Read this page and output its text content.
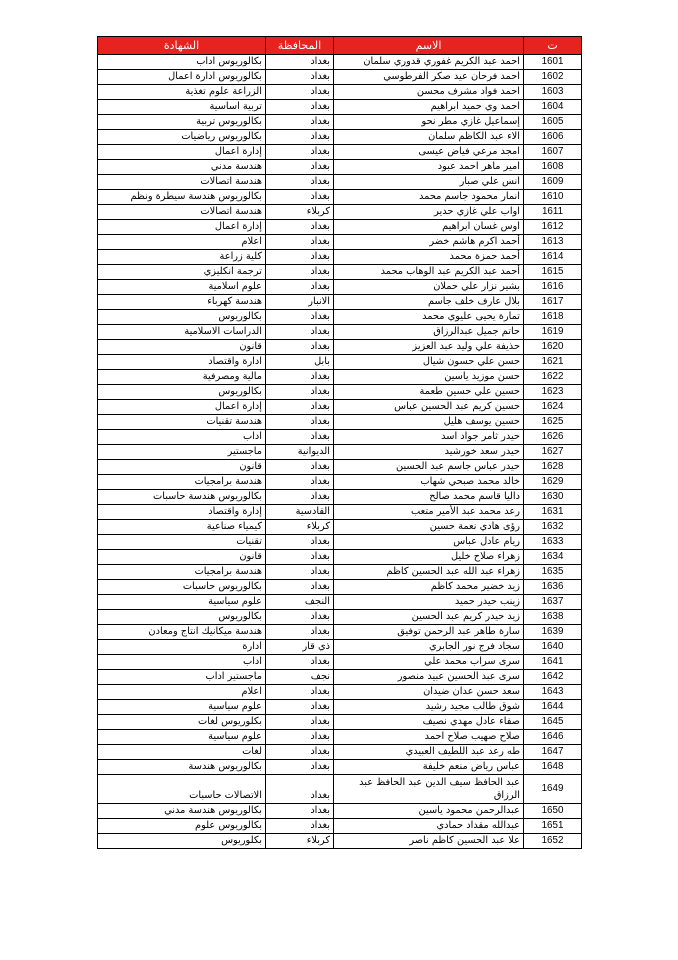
الشهادة	المحافظة	الاسم	ت
بكالوريوس اداب	بغداد	احمد عبد الكريم غفوري قدوري سلمان	1601
بكالوريوس ادارة اعمال	بغداد	احمد فرحان عيد صكر الفرطوسي	1602
الزراعة علوم تغذية	بغداد	احمد فواد مشرف محسن	1603
تربية اساسية	بغداد	احمد وي حميد ابراهيم	1604
بكالوريوس تربية	بغداد	إسماعيل غازي مطر نحو	1605
بكالوريوس رياضيات	بغداد	الاء عبد الكاظم سلمان	1606
إدارة اعمال	بغداد	امجد مرعي فياض عيسى	1607
هندسة مدني	بغداد	امير ماهر احمد عبود	1608
هندسة اتصالات	بغداد	انس علي صبار	1609
بكالوريوس هندسة سيطرة ونظم	بغداد	انمار محمود جاسم محمد	1610
هندسة اتصالات	كربلاء	اواب علي غازي حدير	1611
إدارة اعمال	بغداد	اوس غسان ابراهيم	1612
اعلام	بغداد	أحمد اكرم هاشم خضر	1613
كلية زراعة	بغداد	أحمد حمزة محمد	1614
ترجمة انكليزي	بغداد	أحمد عبد الكريم عبد الوهاب محمد	1615
علوم اسلامية	بغداد	بشير نزار علي حملان	1616
هندسة كهرباء	الانبار	بلال عارف خلف جاسم	1617
بكالوريوس	بغداد	تمارة يحيى عليوي محمد	1618
الدراسات الاسلامية	بغداد	حاتم جميل عبدالرزاق	1619
قانون	بغداد	حذيفة علي وليد عبد العزيز	1620
ادارة واقتصاد	بابل	حسن علي حسون شيال	1621
مالية ومصرفية	بغداد	حسن موزيد ياسين	1622
بكالوريوس	بغداد	حسين علي حسين طعمة	1623
إدارة اعمال	بغداد	حسين كريم عبد الحسين عباس	1624
هندسة تقنيات	بغداد	حسين يوسف هليل	1625
اداب	بغداد	حيدر ثامر جواد اسد	1626
ماجستير	الديوانية	حيدر سعد خورشيد	1627
قانون	بغداد	حيدر عباس جاسم عبد الحسين	1628
هندسة برامجيات	بغداد	خالد محمد صبحي شهاب	1629
بكالوريوس هندسة حاسبات	بغداد	داليا قاسم محمد صالح	1630
إدارة واقتصاد	القادسية	رعد محمد عبد الأمير متعب	1631
كيمياء صناعية	كربلاء	رؤى هادي نعمة حسين	1632
تقنيات	بغداد	ريام عادل عباس	1633
قانون	بغداد	زهراء صلاح خليل	1634
هندسة برامجيات	بغداد	زهراء عبد الله عبد الحسين كاظم	1635
بكالوريوس حاسبات	بغداد	زيد خضير محمد كاظم	1636
علوم سياسية	النجف	زينب حيدر حميد	1637
بكالوريوس	بغداد	زيد حيدر كريم عبد الحسين	1638
هندسة ميكانيك انتاج ومعادن	بغداد	سارة طاهر عبد الرحمن توفيق	1639
ادارة	ذي قار	سجاد فرج نور الجابري	1640
اداب	بغداد	سرى سراب محمد علي	1641
ماجستير اداب	نجف	سرى عبد الحسين عبيد منصور	1642
اعلام	بغداد	سعد حسن عدان ضيدان	1643
علوم سياسية	بغداد	شوق طالب مجيد رشيد	1644
بكلوريوس لغات	بغداد	صفاء عادل مهدي نصيف	1645
علوم سياسية	بغداد	صلاح صهيب صلاح احمد	1646
لغات	بغداد	طه رعد عبد اللطيف العبيدي	1647
بكالوريوس هندسة	بغداد	عباس رياض منعم خليفة	1648
الاتصالات حاسبات	بغداد	عبد الحافظ سيف الدين عبد الحافظ عبد الرزاق	1649
بكالوريوس هندسة مدني	بغداد	عبدالرحمن محمود ياسين	1650
بكالوريوس علوم	بغداد	عبدالله مقداد حمادي	1651
بكلوريوس	كربلاء	علا عبد الحسين كاظم ناصر	1652
